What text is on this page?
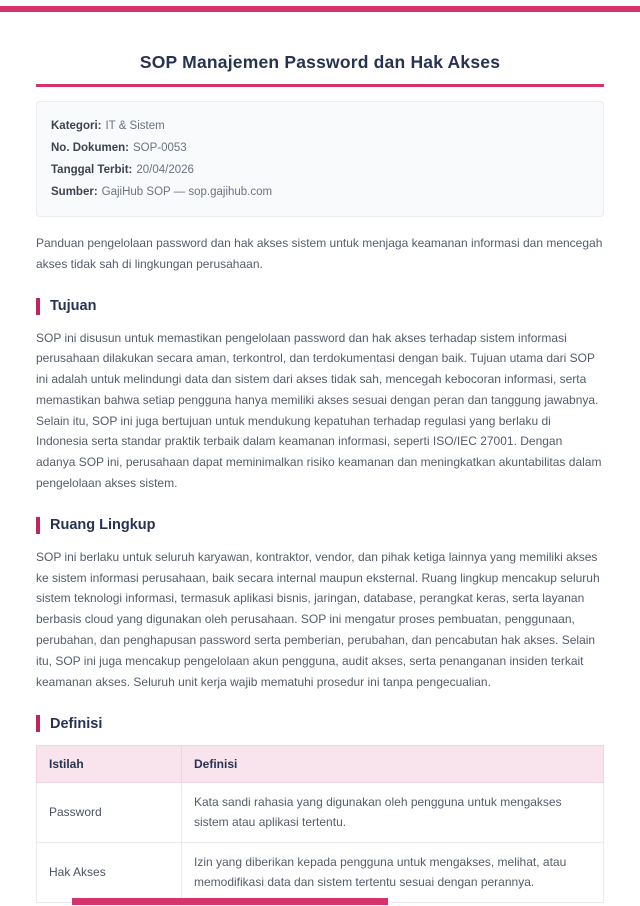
SOP Manajemen Password dan Hak Akses
Kategori: IT & Sistem
No. Dokumen: SOP-0053
Tanggal Terbit: 20/04/2026
Sumber: GajiHub SOP — sop.gajihub.com

Panduan pengelolaan password dan hak akses sistem untuk menjaga keamanan informasi dan mencegah akses tidak sah di lingkungan perusahaan.

Tujuan

SOP ini disusun untuk memastikan pengelolaan password dan hak akses terhadap sistem informasi perusahaan dilakukan secara aman, terkontrol, dan terdokumentasi dengan baik. Tujuan utama dari SOP ini adalah untuk melindungi data dan sistem dari akses tidak sah, mencegah kebocoran informasi, serta memastikan bahwa setiap pengguna hanya memiliki akses sesuai dengan peran dan tanggung jawabnya. Selain itu, SOP ini juga bertujuan untuk mendukung kepatuhan terhadap regulasi yang berlaku di Indonesia serta standar praktik terbaik dalam keamanan informasi, seperti ISO/IEC 27001. Dengan adanya SOP ini, perusahaan dapat meminimalkan risiko keamanan dan meningkatkan akuntabilitas dalam pengelolaan akses sistem.

Ruang Lingkup

SOP ini berlaku untuk seluruh karyawan, kontraktor, vendor, dan pihak ketiga lainnya yang memiliki akses ke sistem informasi perusahaan, baik secara internal maupun eksternal. Ruang lingkup mencakup seluruh sistem teknologi informasi, termasuk aplikasi bisnis, jaringan, database, perangkat keras, serta layanan berbasis cloud yang digunakan oleh perusahaan. SOP ini mengatur proses pembuatan, penggunaan, perubahan, dan penghapusan password serta pemberian, perubahan, dan pencabutan hak akses. Selain itu, SOP ini juga mencakup pengelolaan akun pengguna, audit akses, serta penanganan insiden terkait keamanan akses. Seluruh unit kerja wajib mematuhi prosedur ini tanpa pengecualian.

Definisi
Istilah	Definisi
Password	Kata sandi rahasia yang digunakan oleh pengguna untuk mengakses sistem atau aplikasi tertentu.
Hak Akses	Izin yang diberikan kepada pengguna untuk mengakses, melihat, atau memodifikasi data dan sistem tertentu sesuai dengan perannya.
